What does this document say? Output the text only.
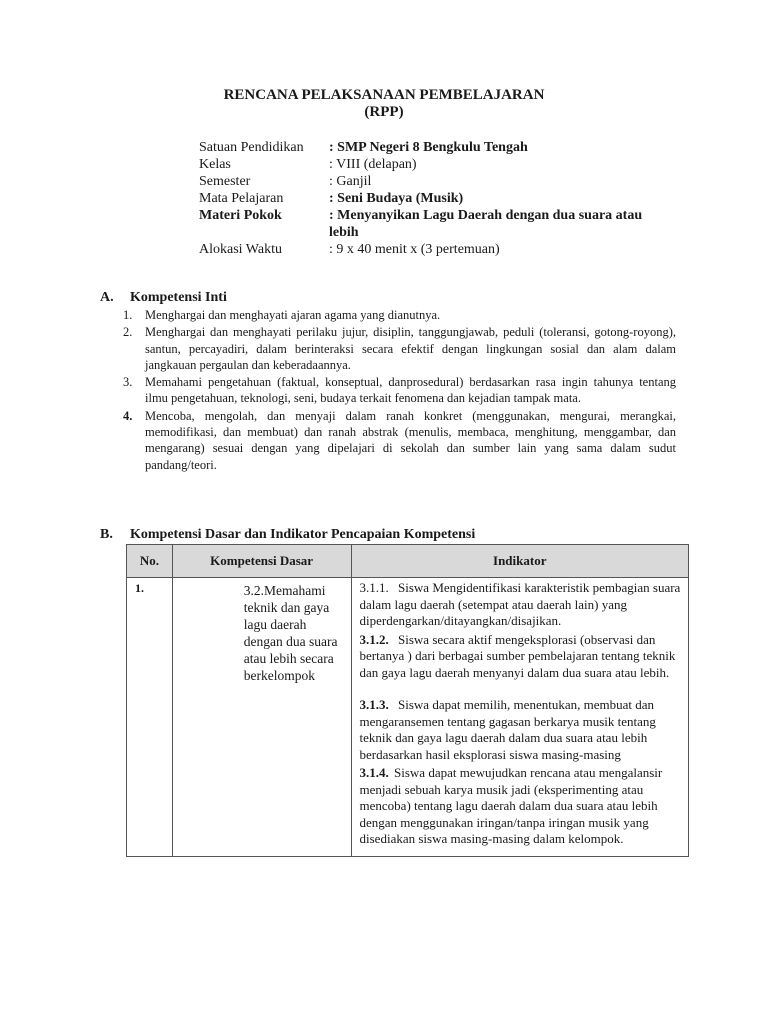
RENCANA PELAKSANAAN PEMBELAJARAN
(RPP)
Satuan Pendidikan	: SMP Negeri 8 Bengkulu Tengah
Kelas	: VIII (delapan)
Semester	: Ganjil
Mata Pelajaran	: Seni Budaya (Musik)
Materi Pokok	: Menyanyikan Lagu Daerah dengan dua suara atau lebih
Alokasi Waktu	: 9 x 40 menit x (3 pertemuan)
A. Kompetensi Inti
1.	Menghargai dan menghayati ajaran agama yang dianutnya.
2.	Menghargai dan menghayati perilaku jujur, disiplin, tanggungjawab, peduli (toleransi, gotong-royong), santun, percayadiri, dalam berinteraksi secara efektif dengan lingkungan sosial dan alam dalam jangkauan pergaulan dan keberadaannya.
3.	Memahami pengetahuan (faktual, konseptual, danprosedural) berdasarkan rasa ingin tahunya tentang ilmu pengetahuan, teknologi, seni, budaya terkait fenomena dan kejadian tampak mata.
4.	Mencoba, mengolah, dan menyaji dalam ranah konkret (menggunakan, mengurai, merangkai, memodifikasi, dan membuat) dan ranah abstrak (menulis, membaca, menghitung, menggambar, dan mengarang) sesuai dengan yang dipelajari di sekolah dan sumber lain yang sama dalam sudut pandang/teori.
B. Kompetensi Dasar dan Indikator Pencapaian Kompetensi
No.	Kompetensi Dasar	Indikator
1.	3.2.Memahami teknik dan gaya lagu daerah dengan dua suara atau lebih secara berkelompok	3.1.1. Siswa Mengidentifikasi karakteristik pembagian suara dalam lagu daerah (setempat atau daerah lain) yang diperdengarkan/ditayangkan/disajikan.
3.1.2. Siswa secara aktif mengeksplorasi (observasi dan bertanya ) dari berbagai sumber pembelajaran tentang teknik dan gaya lagu daerah menyanyi dalam dua suara atau lebih.
3.1.3. Siswa dapat memilih, menentukan, membuat dan mengaransemen tentang gagasan berkarya musik tentang teknik dan gaya lagu daerah dalam dua suara atau lebih berdasarkan hasil eksplorasi siswa masing-masing
3.1.4. Siswa dapat mewujudkan rencana atau mengalansir menjadi sebuah karya musik jadi (eksperimenting atau mencoba) tentang lagu daerah dalam dua suara atau lebih dengan menggunakan iringan/tanpa iringan musik yang disediakan siswa masing-masing dalam kelompok.
